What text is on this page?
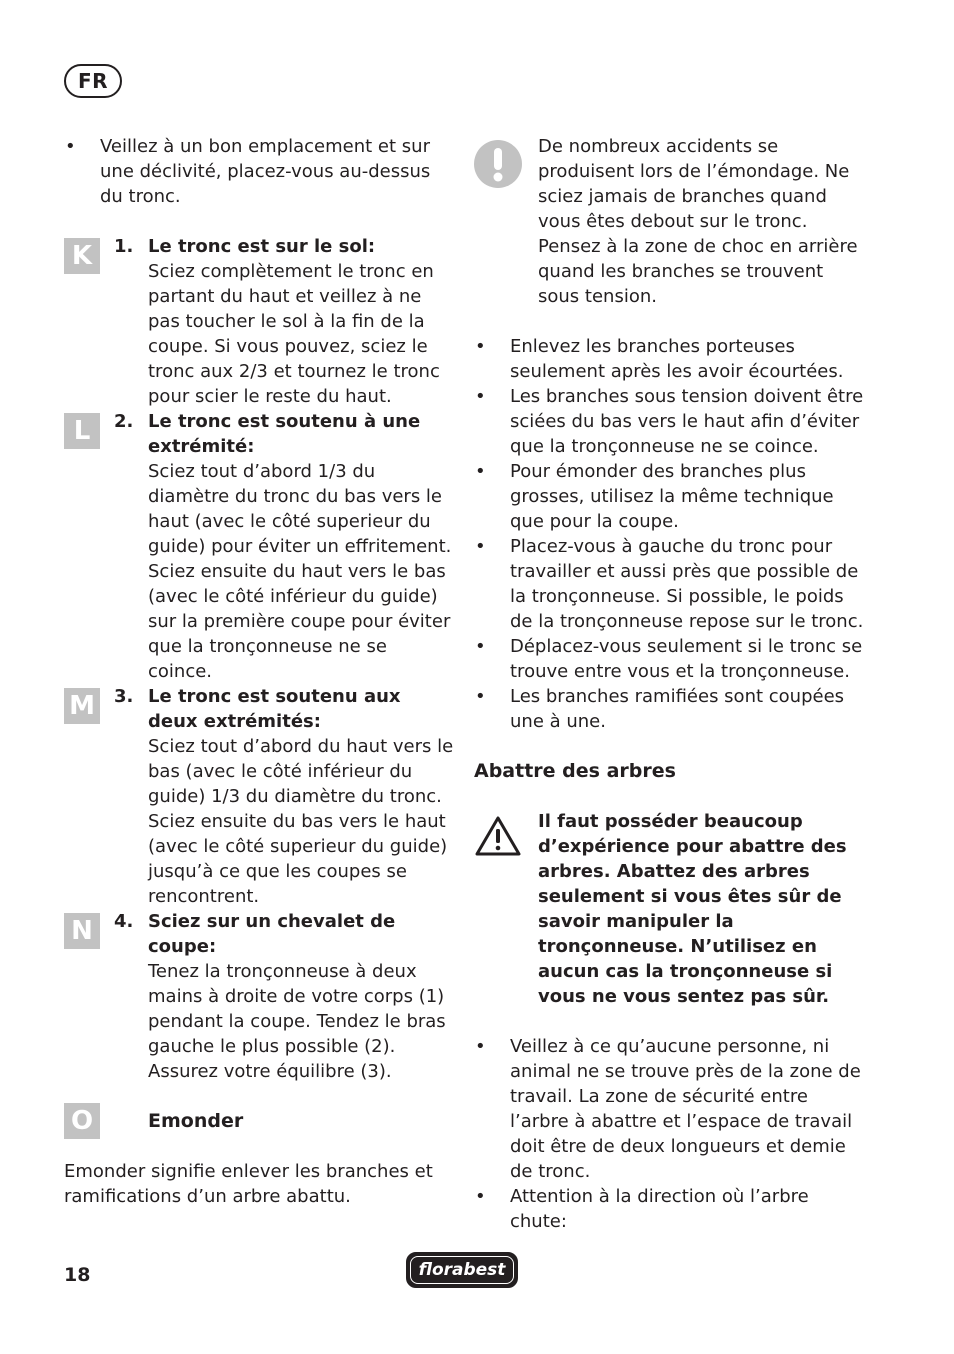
FR
• Veillez à un bon emplacement et sur une déclivité, placez-vous au-dessus du tronc.

K 1. Le tronc est sur le sol:

Sciez complètement le tronc en partant du haut et veillez à ne pas toucher le sol à la fin de la coupe. Si vous pouvez, sciez le tronc aux 2/3 et tournez le tronc pour scier le reste du haut.

L 2. Le tronc est soutenu à une extrémité:

Sciez tout d’abord 1/3 du diamètre du tronc du bas vers le haut (avec le côté superieur du guide) pour éviter un effritement. Sciez ensuite du haut vers le bas (avec le côté inférieur du guide) sur la première coupe pour éviter que la tronçonneuse ne se coince.

M 3. Le tronc est soutenu aux deux extrémités:

Sciez tout d’abord du haut vers le bas (avec le côté inférieur du guide) 1/3 du diamètre du tronc. Sciez ensuite du bas vers le haut (avec le côté superieur du guide) jusqu’à ce que les coupes se rencontrent.

N 4. Sciez sur un chevalet de coupe:

Tenez la tronçonneuse à deux mains à droite de votre corps (1) pendant la coupe. Tendez le bras gauche le plus possible (2). Assurez votre équilibre (3).

O	Emonder

Emonder signifie enlever les branches et ramifications d’un arbre abattu.

De nombreux accidents se produisent lors de l’émondage. Ne sciez jamais de branches quand vous êtes debout sur le tronc. Pensez à la zone de choc en arrière quand les branches se trouvent sous tension.

• Enlevez les branches porteuses seulement après les avoir écourtées.

• Les branches sous tension doivent être sciées du bas vers le haut afin d’éviter que la tronçonneuse ne se coince.

• Pour émonder des branches plus grosses, utilisez la même technique que pour la coupe.

• Placez-vous à gauche du tronc pour travailler et aussi près que possible de la tronçonneuse. Si possible, le poids de la tronçonneuse repose sur le tronc.

• Déplacez-vous seulement si le tronc se trouve entre vous et la tronçonneuse.

• Les branches ramifiées sont coupées une à une.

Abattre des arbres

Il faut posséder beaucoup d’expérience pour abattre des arbres. Abattez des arbres seulement si vous êtes sûr de savoir manipuler la tronçonneuse. N’utilisez en aucun cas la tronçonneuse si vous ne vous sentez pas sûr.

• Veillez à ce qu’aucune personne, ni animal ne se trouve près de la zone de travail. La zone de sécurité entre l’arbre à abattre et l’espace de travail doit être de deux longueurs et demie de tronc.

• Attention à la direction où l’arbre chute:

18	florabest
